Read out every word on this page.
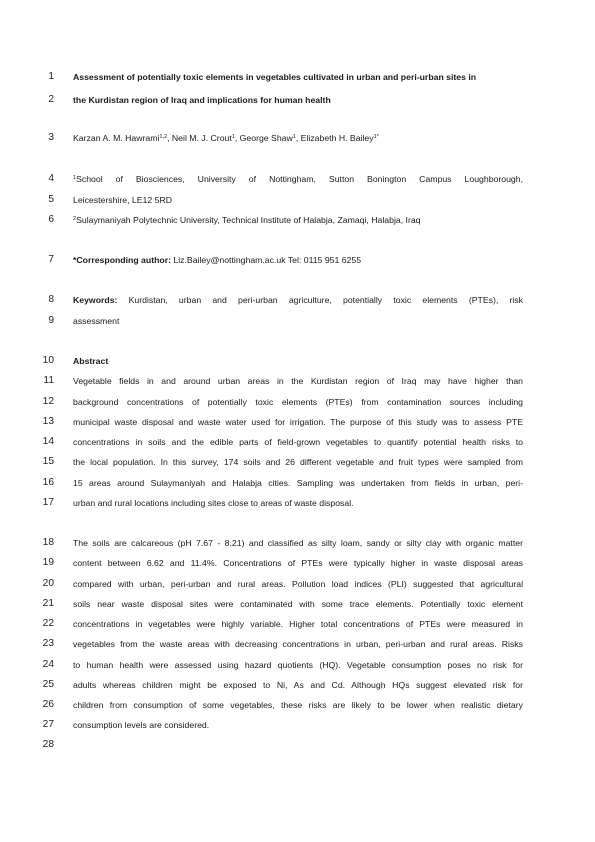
1
2
3
4
5
6
7
8
9
10
11
12
13
14
15
16
17
18
19
20
21
22
23
24
25
26
27
28
Assessment of potentially toxic elements in vegetables cultivated in urban and peri-urban sites in
the Kurdistan region of Iraq and implications for human health
Karzan A. M. Hawrami$^{1,2}$, Neil M. J. Crout$^1$, George Shaw$^1$, Elizabeth H. Bailey$^{1*}$
$^1$School of Biosciences, University of Nottingham, Sutton Bonington Campus Loughborough,
Leicestershire, LE12 5RD
$^2$Sulaymaniyah Polytechnic University, Technical Institute of Halabja, Zamaqi, Halabja, Iraq
*Corresponding author: Liz.Bailey@nottingham.ac.uk Tel: 0115 951 6255
Keywords: Kurdistan, urban and peri-urban agriculture, potentially toxic elements (PTEs), risk
assessment
Abstract
Vegetable fields in and around urban areas in the Kurdistan region of Iraq may have higher than
background concentrations of potentially toxic elements (PTEs) from contamination sources including
municipal waste disposal and waste water used for irrigation. The purpose of this study was to assess PTE
concentrations in soils and the edible parts of field-grown vegetables to quantify potential health risks to
the local population. In this survey, 174 soils and 26 different vegetable and fruit types were sampled from
15 areas around Sulaymaniyah and Halabja cities. Sampling was undertaken from fields in urban, peri-
urban and rural locations including sites close to areas of waste disposal.
The soils are calcareous (pH 7.67 - 8.21) and classified as silty loam, sandy or silty clay with organic matter
content between 6.62 and 11.4%. Concentrations of PTEs were typically higher in waste disposal areas
compared with urban, peri-urban and rural areas. Pollution load indices (PLI) suggested that agricultural
soils near waste disposal sites were contaminated with some trace elements. Potentially toxic element
concentrations in vegetables were highly variable. Higher total concentrations of PTEs were measured in
vegetables from the waste areas with decreasing concentrations in urban, peri-urban and rural areas. Risks
to human health were assessed using hazard quotients (HQ). Vegetable consumption poses no risk for
adults whereas children might be exposed to Ni, As and Cd. Although HQs suggest elevated risk for
children from consumption of some vegetables, these risks are likely to be lower when realistic dietary
consumption levels are considered.
